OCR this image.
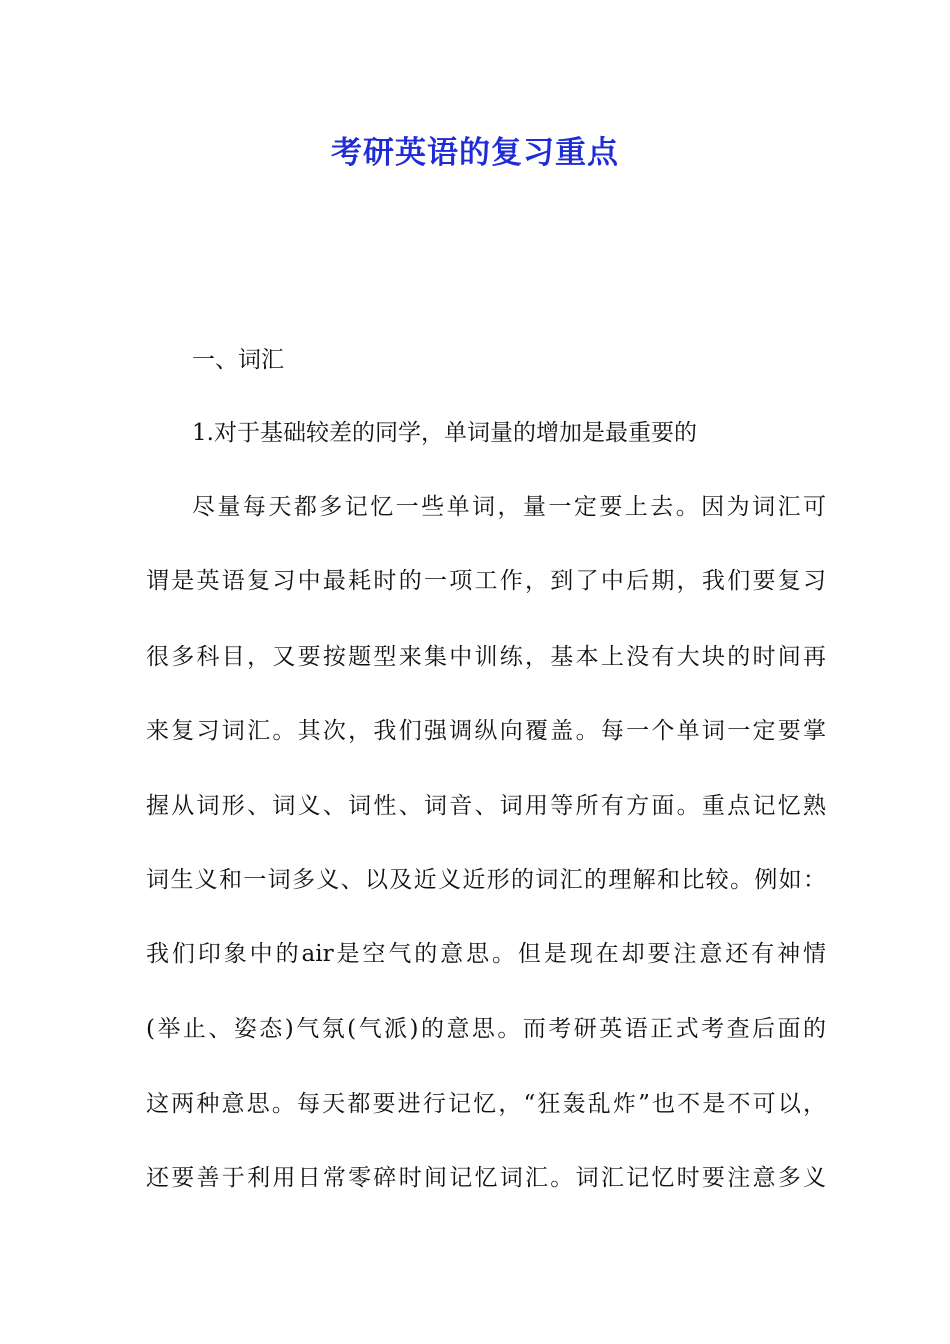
考研英语的复习重点

一、词汇

1.对于基础较差的同学，单词量的增加是最重要的

尽量每天都多记忆一些单词，量一定要上去。因为词汇可

谓是英语复习中最耗时的一项工作，到了中后期，我们要复习

很多科目，又要按题型来集中训练，基本上没有大块的时间再

来复习词汇。其次，我们强调纵向覆盖。每一个单词一定要掌

握从词形、词义、词性、词音、词用等所有方面。重点记忆熟

词生义和一词多义、以及近义近形的词汇的理解和比较。例如：

我们印象中的air是空气的意思。但是现在却要注意还有神情

(举止、姿态)气氛(气派)的意思。而考研英语正式考查后面的

这两种意思。每天都要进行记忆，“狂轰乱炸”也不是不可以，

还要善于利用日常零碎时间记忆词汇。词汇记忆时要注意多义
